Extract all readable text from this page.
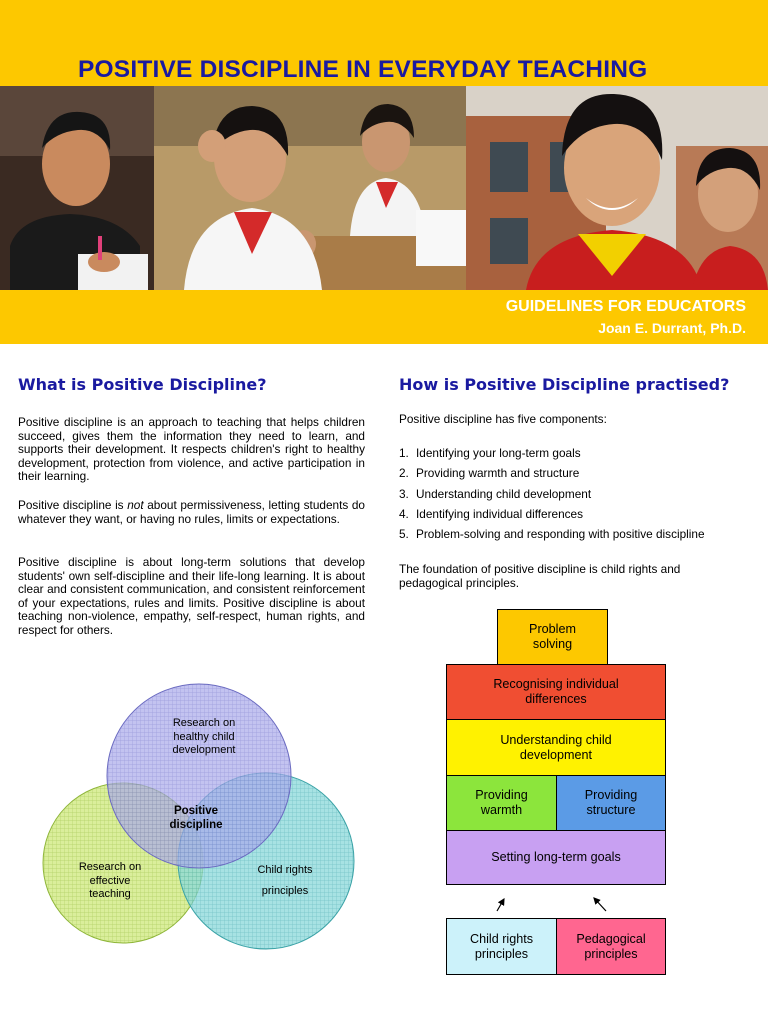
POSITIVE DISCIPLINE IN EVERYDAY TEACHING
GUIDELINES FOR EDUCATORS
Joan E. Durrant, Ph.D.
What is Positive Discipline?

Positive discipline is an approach to teaching that helps children succeed, gives them the information they need to learn, and supports their development. It respects children's right to healthy development, protection from violence, and active participation in their learning.

Positive discipline is not about permissiveness, letting students do whatever they want, or having no rules, limits or expectations.

Positive discipline is about long-term solutions that develop students' own self-discipline and their life-long learning. It is about clear and consistent communication, and consistent reinforcement of your expectations, rules and limits. Positive discipline is about teaching non-violence, empathy, self-respect, human rights, and respect for others.

Research on
healthy child
development
Positive
discipline
Research on
effective
teaching
Child rights
principles
How is Positive Discipline practised?

Positive discipline has five components:

1. Identifying your long-term goals
2. Providing warmth and structure
3. Understanding child development
4. Identifying individual differences
5. Problem-solving and responding with positive discipline

The foundation of positive discipline is child rights and pedagogical principles.

Problem
solving
Recognising individual
differences
Understanding child
development
Providing
warmth
Providing
structure
Setting long-term goals
Child rights
principles
Pedagogical
principles
